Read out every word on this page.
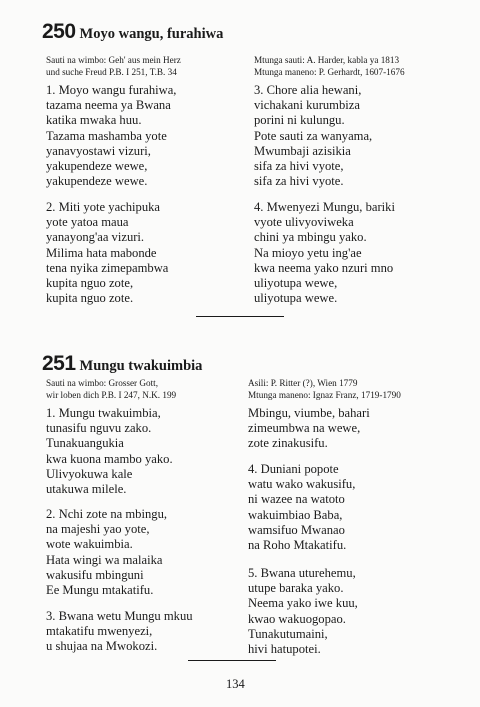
250 Moyo wangu, furahiwa
Sauti na wimbo: Geh' aus mein Herz
und suche Freud P.B. I 251, T.B. 34
Mtunga sauti: A. Harder, kabla ya 1813
Mtunga maneno: P. Gerhardt, 1607-1676
1. Moyo wangu furahiwa,
tazama neema ya Bwana
katika mwaka huu.
Tazama mashamba yote
yanavyostawi vizuri,
yakupendeze wewe,
yakupendeze wewe.
2. Miti yote yachipuka
yote yatoa maua
yanayong'aa vizuri.
Milima hata mabonde
tena nyika zimepambwa
kupita nguo zote,
kupita nguo zote.
3. Chore alia hewani,
vichakani kurumbiza
porini ni kulungu.
Pote sauti za wanyama,
Mwumbaji azisikia
sifa za hivi vyote,
sifa za hivi vyote.
4. Mwenyezi Mungu, bariki
vyote ulivyoviweka
chini ya mbingu yako.
Na mioyo yetu ing'ae
kwa neema yako nzuri mno
uliyotupa wewe,
uliyotupa wewe.
251 Mungu twakuimbia
Sauti na wimbo: Grosser Gott,
wir loben dich P.B. I 247, N.K. 199
Asili: P. Ritter (?), Wien 1779
Mtunga maneno: Ignaz Franz, 1719-1790
1. Mungu twakuimbia,
tunasifu nguvu zako.
Tunakuangukia
kwa kuona mambo yako.
Ulivyokuwa kale
utakuwa milele.
2. Nchi zote na mbingu,
na majeshi yao yote,
wote wakuimbia.
Hata wingi wa malaika
wakusifu mbinguni
Ee Mungu mtakatifu.
3. Bwana wetu Mungu mkuu
mtakatifu mwenyezi,
u shujaa na Mwokozi.
Mbingu, viumbe, bahari
zimeumbwa na wewe,
zote zinakusifu.
4. Duniani popote
watu wako wakusifu,
ni wazee na watoto
wakuimbiao Baba,
wamsifuo Mwanao
na Roho Mtakatifu.
5. Bwana uturehemu,
utupe baraka yako.
Neema yako iwe kuu,
kwao wakuogopao.
Tunakutumaini,
hivi hatupotei.
134
